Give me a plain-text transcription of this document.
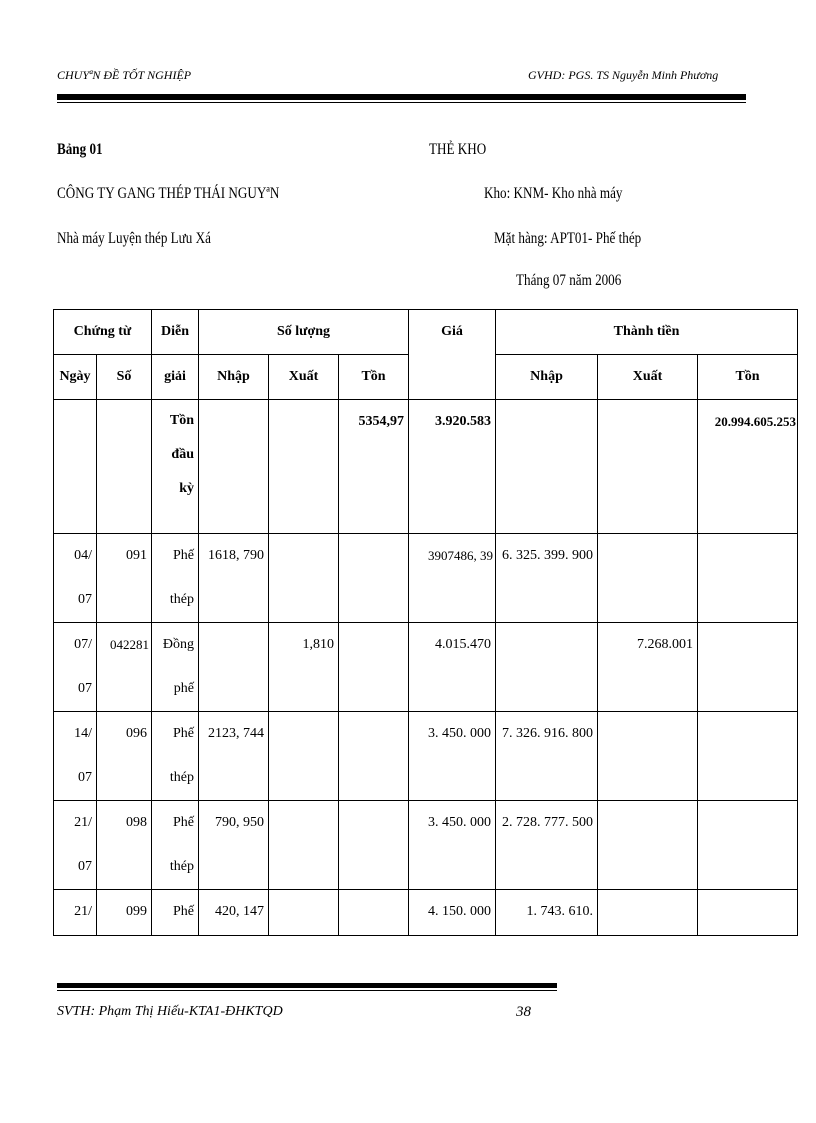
CHUYªN ĐỀ TỐT NGHIỆP	GVHD: PGS. TS Nguyễn Minh Phương
Bảng 01	THẺ KHO
CÔNG TY GANG THÉP THÁI NGUYªN	Kho: KNM- Kho nhà máy
Nhà máy Luyện thép Lưu Xá	Mặt hàng: APT01- Phế thép
Tháng 07 năm 2006
Chứng từ		Diễn	Số lượng			Giá	Thành tiền		
Ngày	Số	giải	Nhập	Xuất	Tồn		Nhập	Xuất	Tồn
		Tồn đầu kỳ			5354,97	3.920.583			20.994.605.253
04/ 07	091	Phế thép	1618, 790			3907486, 39	6. 325. 399. 900		
07/ 07	042281	Đồng phế		1,810		4.015.470		7.268.001	
14/ 07	096	Phế thép	2123, 744			3. 450. 000	7. 326. 916. 800		
21/ 07	098	Phế thép	790, 950			3. 450. 000	2. 728. 777. 500		
21/	099	Phế	420, 147			4. 150. 000	1. 743. 610.		
SVTH: Phạm Thị Hiếu-KTA1-ĐHKTQD	38
